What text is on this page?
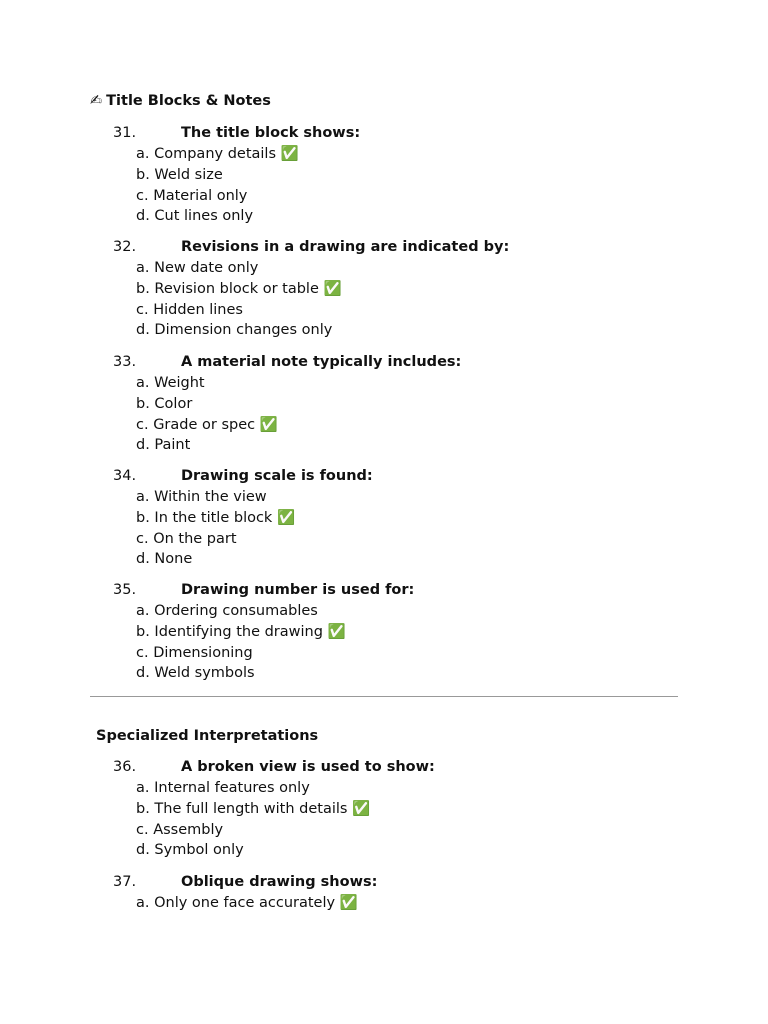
✍ Title Blocks & Notes
31.	The title block shows:
a. Company details ✅
b. Weld size
c. Material only
d. Cut lines only
32.	Revisions in a drawing are indicated by:
a. New date only
b. Revision block or table ✅
c. Hidden lines
d. Dimension changes only
33.	A material note typically includes:
a. Weight
b. Color
c. Grade or spec ✅
d. Paint
34.	Drawing scale is found:
a. Within the view
b. In the title block ✅
c. On the part
d. None
35.	Drawing number is used for:
a. Ordering consumables
b. Identifying the drawing ✅
c. Dimensioning
d. Weld symbols
Specialized Interpretations
36.	A broken view is used to show:
a. Internal features only
b. The full length with details ✅
c. Assembly
d. Symbol only
37.	Oblique drawing shows:
a. Only one face accurately ✅
